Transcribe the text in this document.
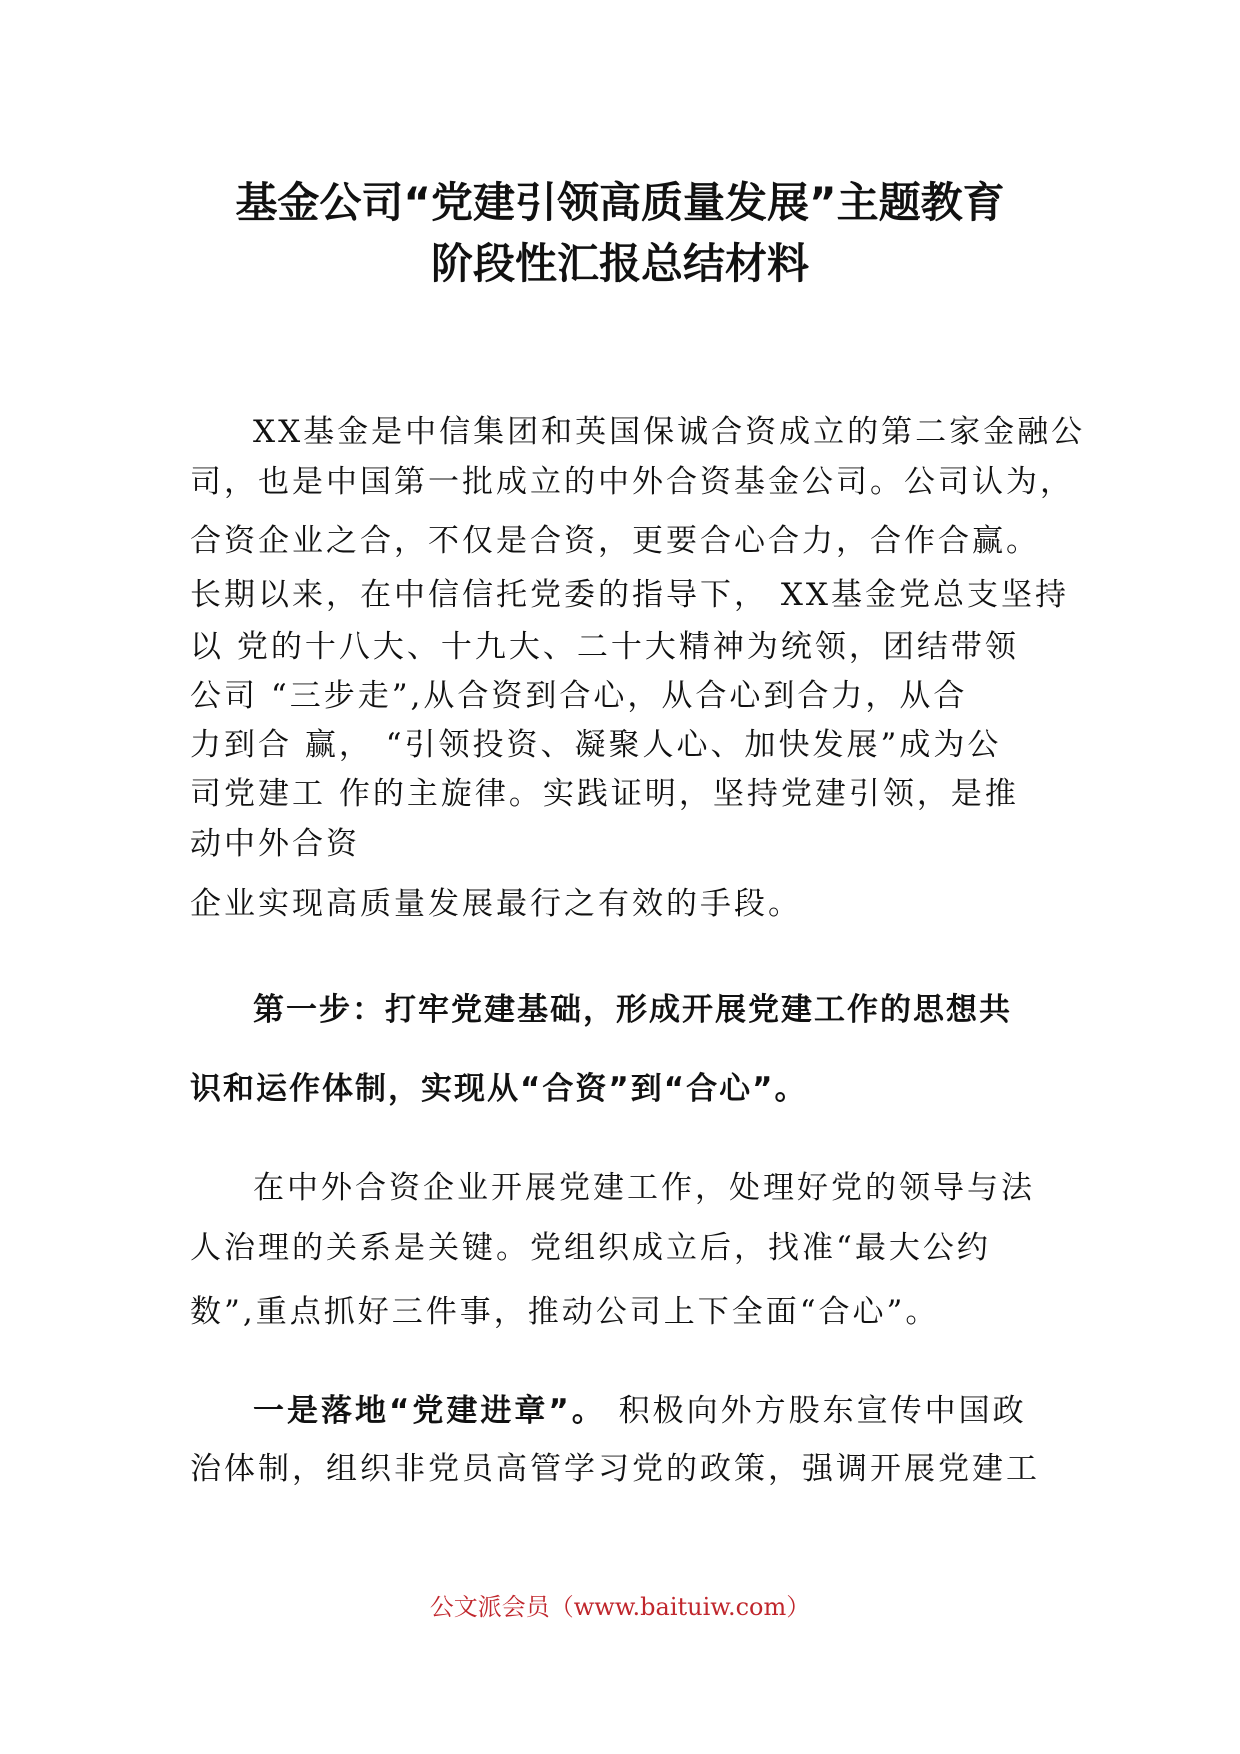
基金公司“党建引领高质量发展”主题教育
阶段性汇报总结材料
XX基金是中信集团和英国保诚合资成立的第二家金融公
司，也是中国第一批成立的中外合资基金公司。公司认为，
合资企业之合，不仅是合资，更要合心合力，合作合赢。
长期以来，在中信信托党委的指导下， XX基金党总支坚持
以 党的十八大、十九大、二十大精神为统领，团结带领
公司 “三步走”,从合资到合心，从合心到合力，从合
力到合 赢， “引领投资、凝聚人心、加快发展”成为公
司党建工 作的主旋律。实践证明，坚持党建引领，是推
动中外合资
企业实现高质量发展最行之有效的手段。
第一步：打牢党建基础，形成开展党建工作的思想共
识和运作体制，实现从“合资”到“合心”。
在中外合资企业开展党建工作，处理好党的领导与法
人治理的关系是关键。党组织成立后，找准“最大公约
数”,重点抓好三件事，推动公司上下全面“合心”。
一是落地“党建进章”。 积极向外方股东宣传中国政
治体制，组织非党员高管学习党的政策，强调开展党建工
公文派会员（www.baituiw.com）
